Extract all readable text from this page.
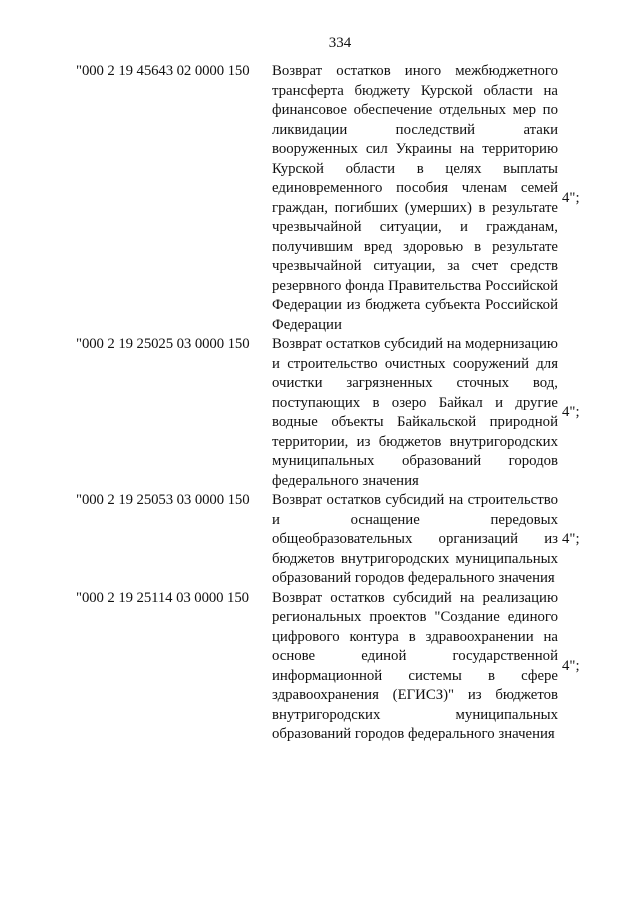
334
"000 2 19 45643 02 0000 150	Возврат остатков иного межбюджетного трансферта бюджету Курской области на финансовое обеспечение отдельных мер по ликвидации последствий атаки вооруженных сил Украины на территорию Курской области в целях выплаты единовременного пособия членам семей граждан, погибших (умерших) в результате чрезвычайной ситуации, и гражданам, получившим вред здоровью в результате чрезвычайной ситуации, за счет средств резервного фонда Правительства Российской Федерации из бюджета субъекта Российской Федерации
4";
"000 2 19 25025 03 0000 150	Возврат остатков субсидий на модернизацию и строительство очистных сооружений для очистки загрязненных сточных вод, поступающих в озеро Байкал и другие водные объекты Байкальской природной территории, из бюджетов внутригородских муниципальных образований городов федерального значения
4";
"000 2 19 25053 03 0000 150	Возврат остатков субсидий на строительство и оснащение передовых общеобразовательных организаций из бюджетов внутригородских муниципальных образований городов федерального значения
4";
"000 2 19 25114 03 0000 150	Возврат остатков субсидий на реализацию региональных проектов "Создание единого цифрового контура в здравоохранении на основе единой государственной информационной системы в сфере здравоохранения (ЕГИСЗ)" из бюджетов внутригородских муниципальных образований городов федерального значения
4";
